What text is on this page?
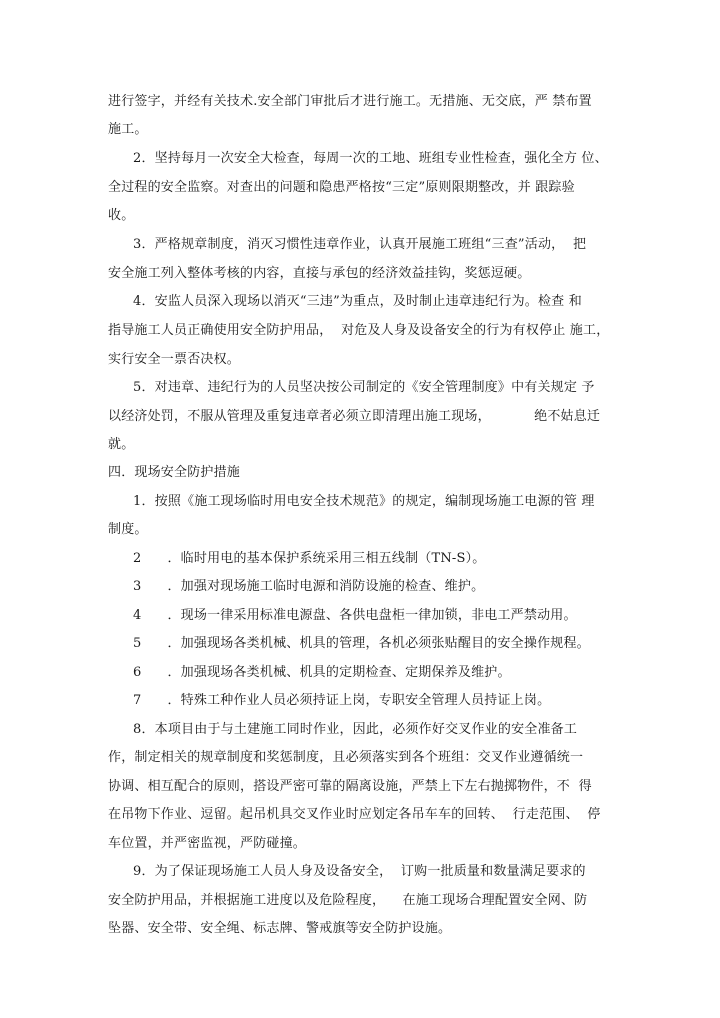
进行签字，并经有关技术.安全部门审批后才进行施工。无措施、无交底，严 禁布置

施工。

2．坚持每月一次安全大检查，每周一次的工地、班组专业性检查，强化全方 位、

全过程的安全监察。对查出的问题和隐患严格按“三定”原则限期整改，并 跟踪验

收。

3．严格规章制度，消灭习惯性违章作业，认真开展施工班组“三查”活动，  把

安全施工列入整体考核的内容，直接与承包的经济效益挂钩，奖惩逗硬。

4．安监人员深入现场以消灭“三违”为重点，及时制止违章违纪行为。检查 和

指导施工人员正确使用安全防护用品，  对危及人身及设备安全的行为有权停止 施工，

实行安全一票否决权。

5．对违章、违纪行为的人员坚决按公司制定的《安全管理制度》中有关规定 予

以经济处罚，不服从管理及重复违章者必须立即清理出施工现场，          绝不姑息迁

就。

四．现场安全防护措施

1．按照《施工现场临时用电安全技术规范》的规定，编制现场施工电源的管 理

制度。

2      ．临时用电的基本保护系统采用三相五线制（TN-S）。

3      ．加强对现场施工临时电源和消防设施的检查、维护。

4      ．现场一律采用标准电源盘、各供电盘柜一律加锁，非电工严禁动用。

5      ．加强现场各类机械、机具的管理，各机必须张贴醒目的安全操作规程。

6      ．加强现场各类机械、机具的定期检查、定期保养及维护。

7      ．特殊工种作业人员必须持证上岗，专职安全管理人员持证上岗。

8．本项目由于与土建施工同时作业，因此，必须作好交叉作业的安全准备工

作，制定相关的规章制度和奖惩制度，且必须落实到各个班组：交叉作业遵循统一

协调、相互配合的原则，搭设严密可靠的隔离设施，严禁上下左右抛掷物件，不  得

在吊物下作业、逗留。起吊机具交叉作业时应划定各吊车车的回转、  行走范围、  停

车位置，并严密监视，严防碰撞。

9．为了保证现场施工人员人身及设备安全，  订购一批质量和数量满足要求的

安全防护用品，并根据施工进度以及危险程度，    在施工现场合理配置安全网、防

坠器、安全带、安全绳、标志牌、警戒旗等安全防护设施。
